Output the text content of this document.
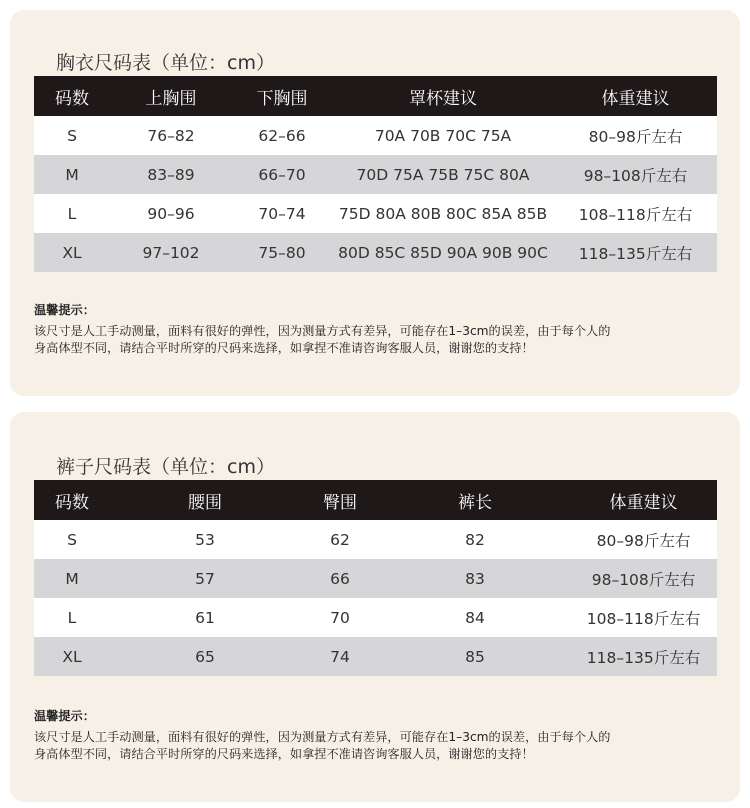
胸衣尺码表（单位：cm）
码数	上胸围	下胸围	罩杯建议	体重建议
S	76–82	62–66	70A 70B 70C 75A	80–98斤左右
M	83–89	66–70	70D 75A 75B 75C 80A	98–108斤左右
L	90–96	70–74	75D 80A 80B 80C 85A 85B	108–118斤左右
XL	97–102	75–80	80D 85C 85D 90A 90B 90C	118–135斤左右
温馨提示：
该尺寸是人工手动测量，面料有很好的弹性，因为测量方式有差异，可能存在1–3cm的误差，由于每个人的
身高体型不同，请结合平时所穿的尺码来选择，如拿捏不准请咨询客服人员，谢谢您的支持！
裤子尺码表（单位：cm）
码数	腰围	臀围	裤长	体重建议
S	53	62	82	80–98斤左右
M	57	66	83	98–108斤左右
L	61	70	84	108–118斤左右
XL	65	74	85	118–135斤左右
温馨提示：
该尺寸是人工手动测量，面料有很好的弹性，因为测量方式有差异，可能存在1–3cm的误差，由于每个人的
身高体型不同，请结合平时所穿的尺码来选择，如拿捏不准请咨询客服人员，谢谢您的支持！
